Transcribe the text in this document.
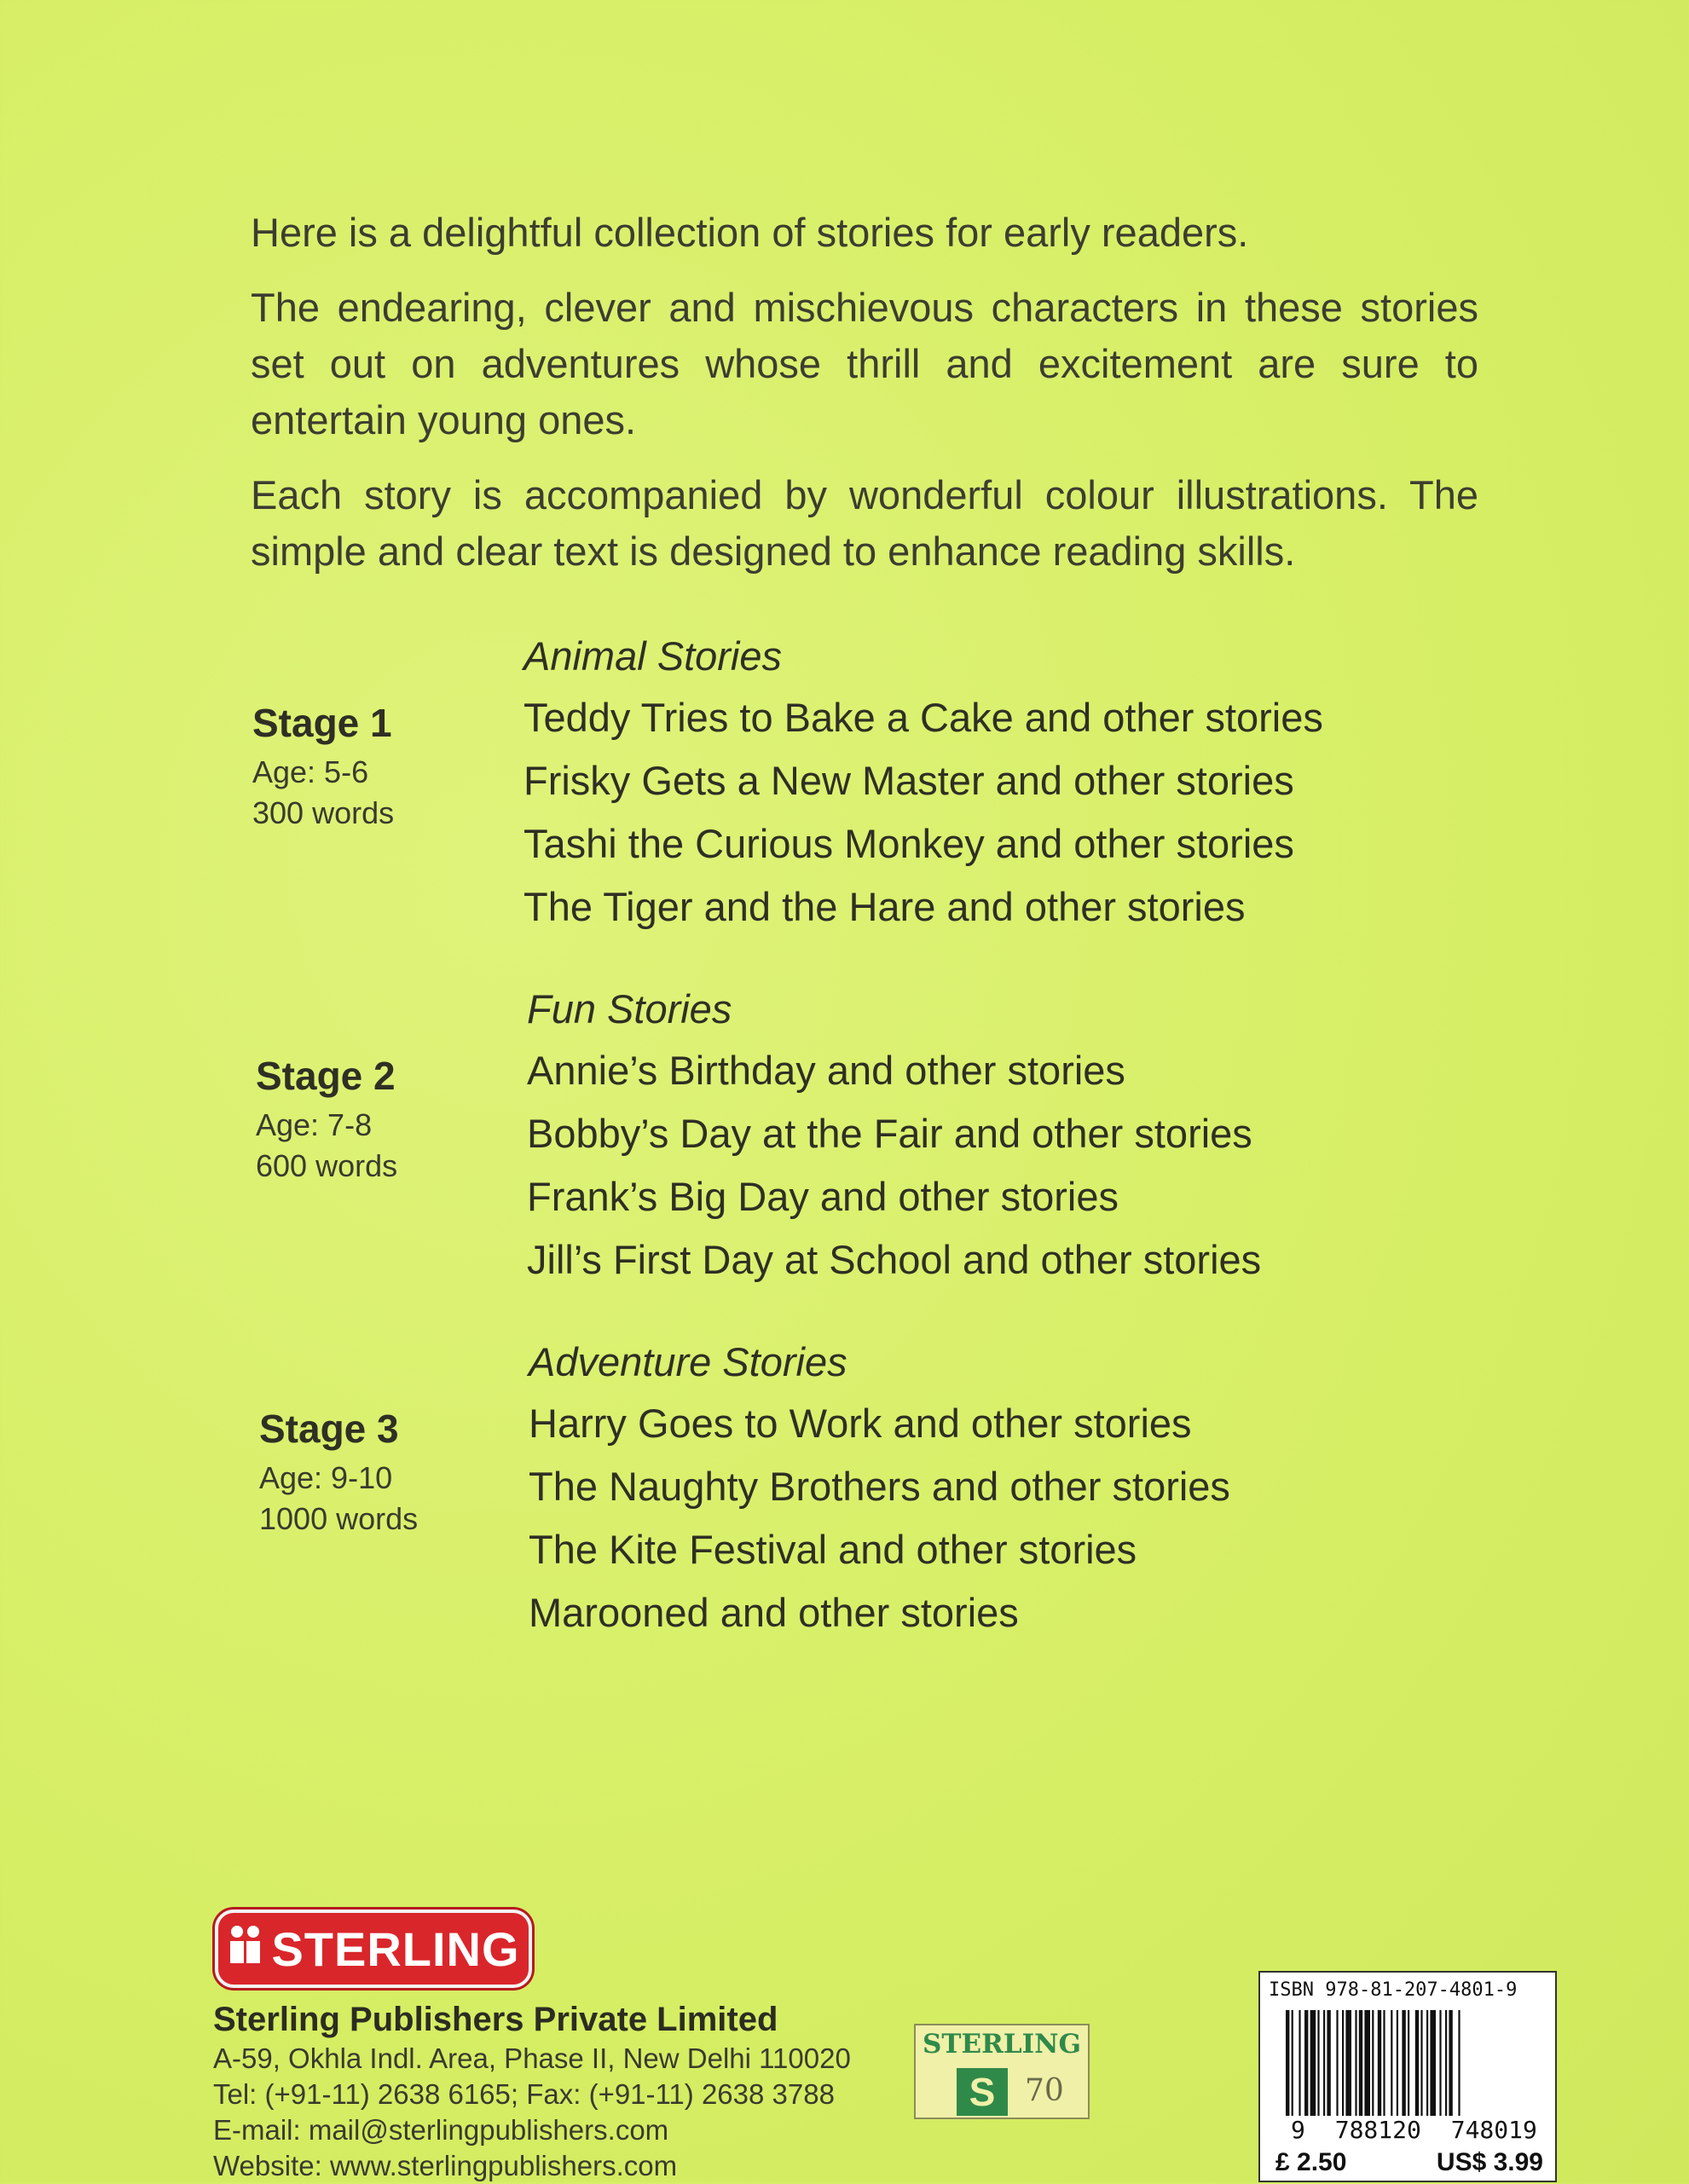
Here is a delightful collection of stories for early readers.

The endearing, clever and mischievous characters in these stories set out on adventures whose thrill and excitement are sure to entertain young ones.

Each story is accompanied by wonderful colour illustrations. The simple and clear text is designed to enhance reading skills.

Stage 1
Age: 5-6
300 words
Animal Stories
Teddy Tries to Bake a Cake and other stories
Frisky Gets a New Master and other stories
Tashi the Curious Monkey and other stories
The Tiger and the Hare and other stories
Stage 2
Age: 7-8
600 words
Fun Stories
Annie’s Birthday and other stories
Bobby’s Day at the Fair and other stories
Frank’s Big Day and other stories
Jill’s First Day at School and other stories
Stage 3
Age: 9-10
1000 words
Adventure Stories
Harry Goes to Work and other stories
The Naughty Brothers and other stories
The Kite Festival and other stories
Marooned and other stories
STERLING
Sterling Publishers Private Limited
A-59, Okhla Indl. Area, Phase II, New Delhi 110020
Tel: (+91-11) 2638 6165; Fax: (+91-11) 2638 3788
E-mail: mail@sterlingpublishers.com
Website: www.sterlingpublishers.com
STERLING
S 70
ISBN 978-81-207-4801-9
9 788120 748019
£ 2.50	US$ 3.99
